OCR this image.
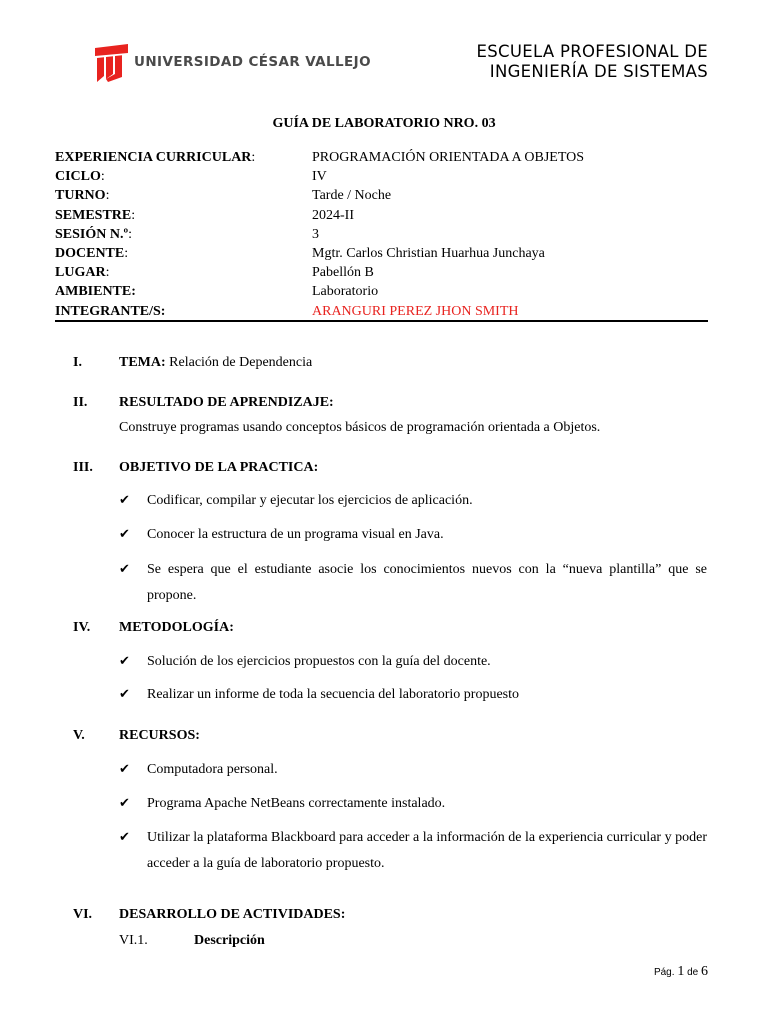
UNIVERSIDAD CÉSAR VALLEJO
ESCUELA PROFESIONAL DE
INGENIERÍA DE SISTEMAS
GUÍA DE LABORATORIO NRO. 03
EXPERIENCIA CURRICULAR:	PROGRAMACIÓN ORIENTADA A OBJETOS
CICLO:	IV
TURNO:	Tarde / Noche
SEMESTRE:	2024-II
SESIÓN N.º:	3
DOCENTE:	Mgtr. Carlos Christian Huarhua Junchaya
LUGAR:	Pabellón B
AMBIENTE:	Laboratorio
INTEGRANTE/S:	ARANGURI PEREZ JHON SMITH
I.	TEMA: Relación de Dependencia
II. RESULTADO DE APRENDIZAJE:
Construye programas usando conceptos básicos de programación orientada a Objetos.
III. OBJETIVO DE LA PRACTICA:
✔ Codificar, compilar y ejecutar los ejercicios de aplicación.
✔ Conocer la estructura de un programa visual en Java.
✔ Se espera que el estudiante asocie los conocimientos nuevos con la “nueva plantilla” que se propone.
IV. METODOLOGÍA:
✔ Solución de los ejercicios propuestos con la guía del docente.
✔ Realizar un informe de toda la secuencia del laboratorio propuesto
V. RECURSOS:
✔ Computadora personal.
✔ Programa Apache NetBeans correctamente instalado.
✔ Utilizar la plataforma Blackboard para acceder a la información de la experiencia curricular y poder acceder a la guía de laboratorio propuesto.
VI. DESARROLLO DE ACTIVIDADES:
VI.1.	Descripción
Pág. 1 de 6
